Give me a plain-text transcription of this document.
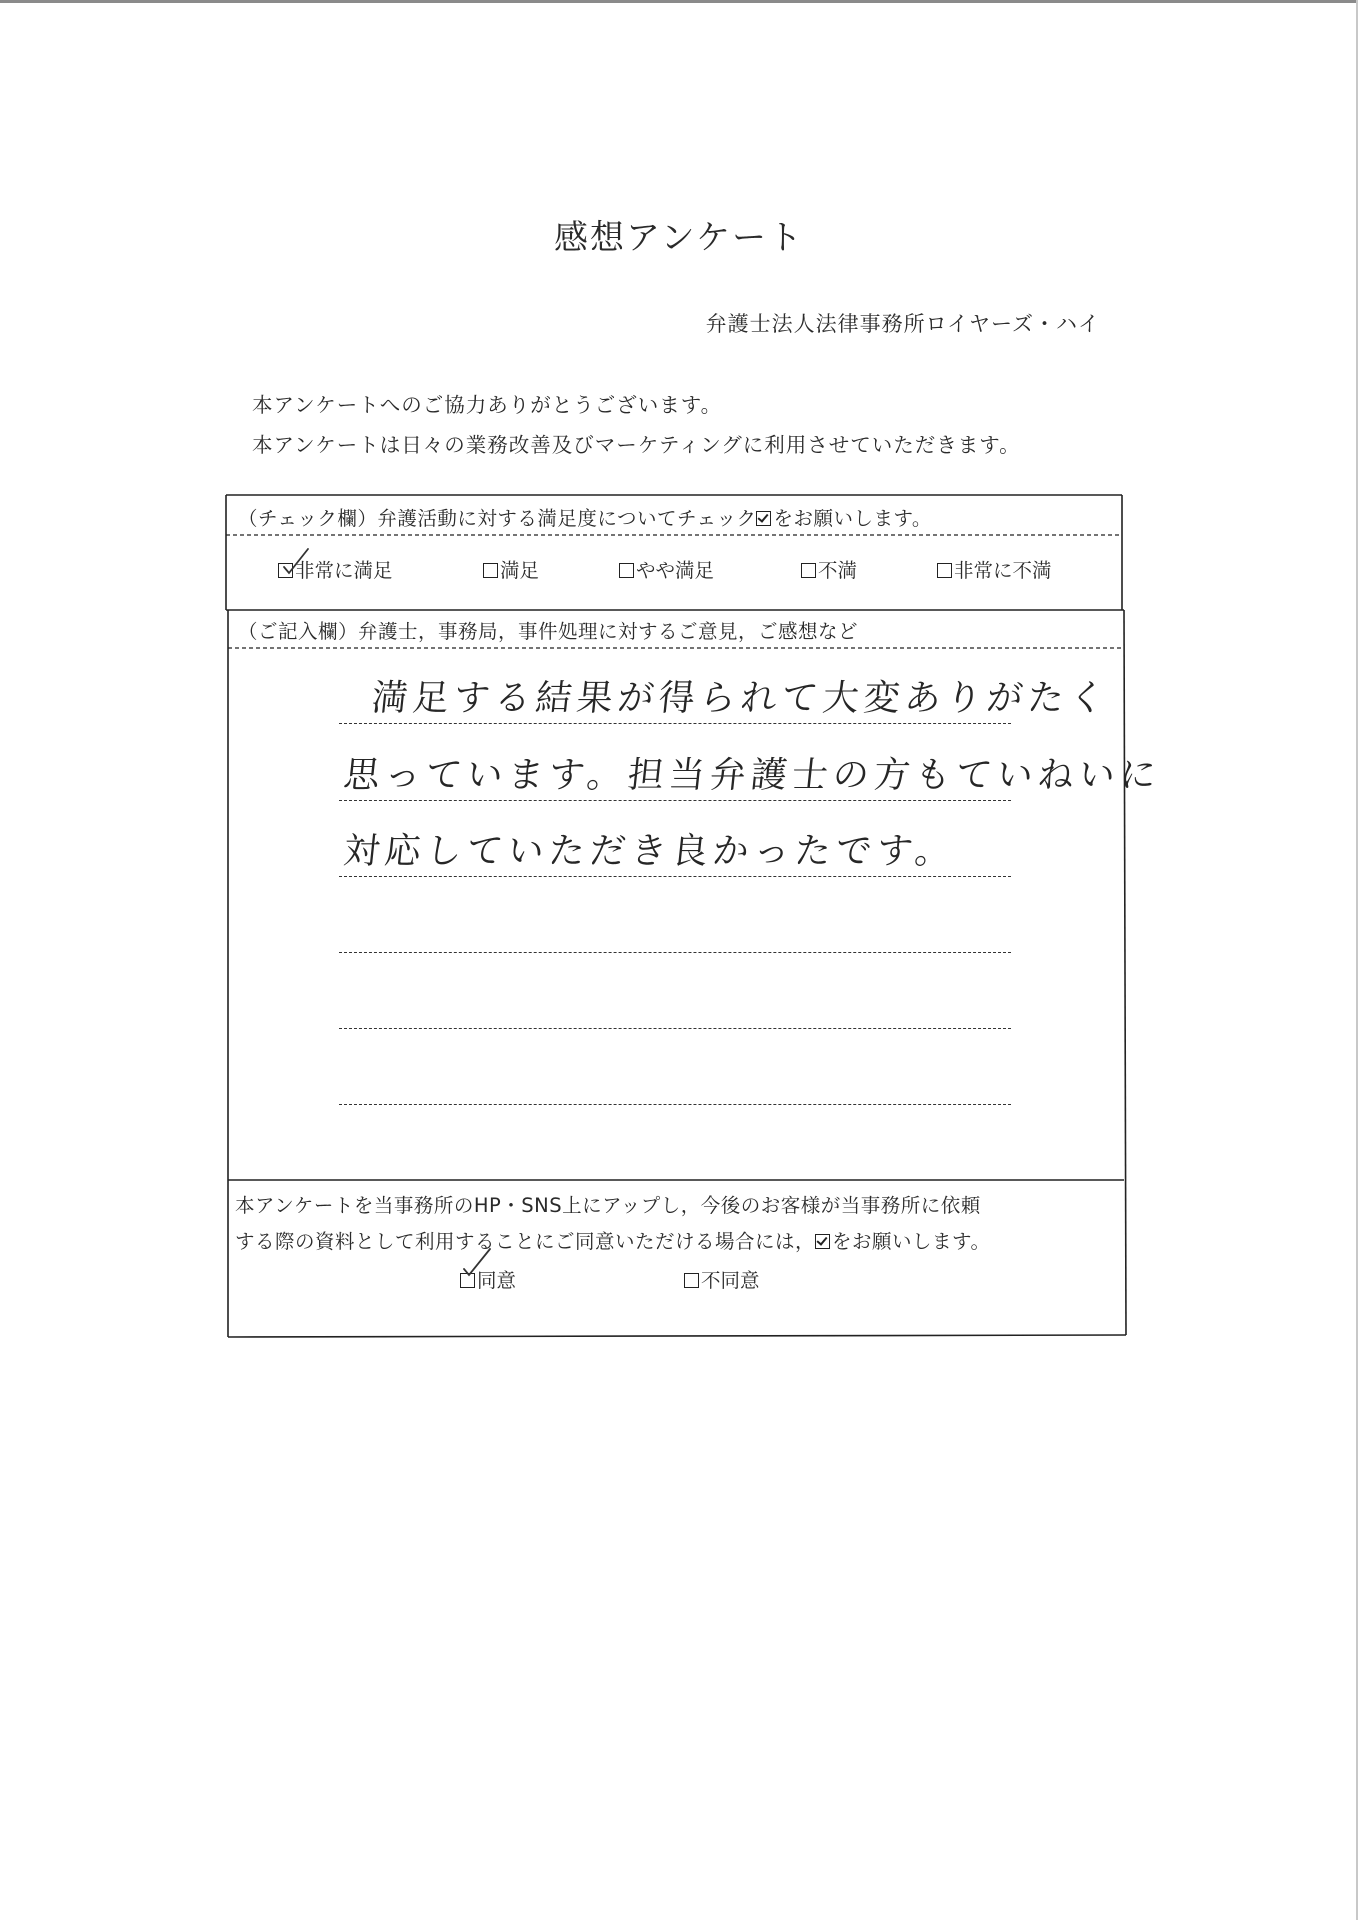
感想アンケート
弁護士法人法律事務所ロイヤーズ・ハイ
本アンケートへのご協力ありがとうございます。
本アンケートは日々の業務改善及びマーケティングに利用させていただきます。
（チェック欄）弁護活動に対する満足度についてチェック をお願いします。
非常に満足	満足	やや満足	不満	非常に不満
（ご記入欄）弁護士，事務局，事件処理に対するご意見，ご感想など
満足する結果が得られて大変ありがたく
思っています。担当弁護士の方もていねいに
対応していただき良かったです。
本アンケートを当事務所のHP・SNS上にアップし，今後のお客様が当事務所に依頼
する際の資料として利用することにご同意いただける場合には， をお願いします。
同意	不同意
